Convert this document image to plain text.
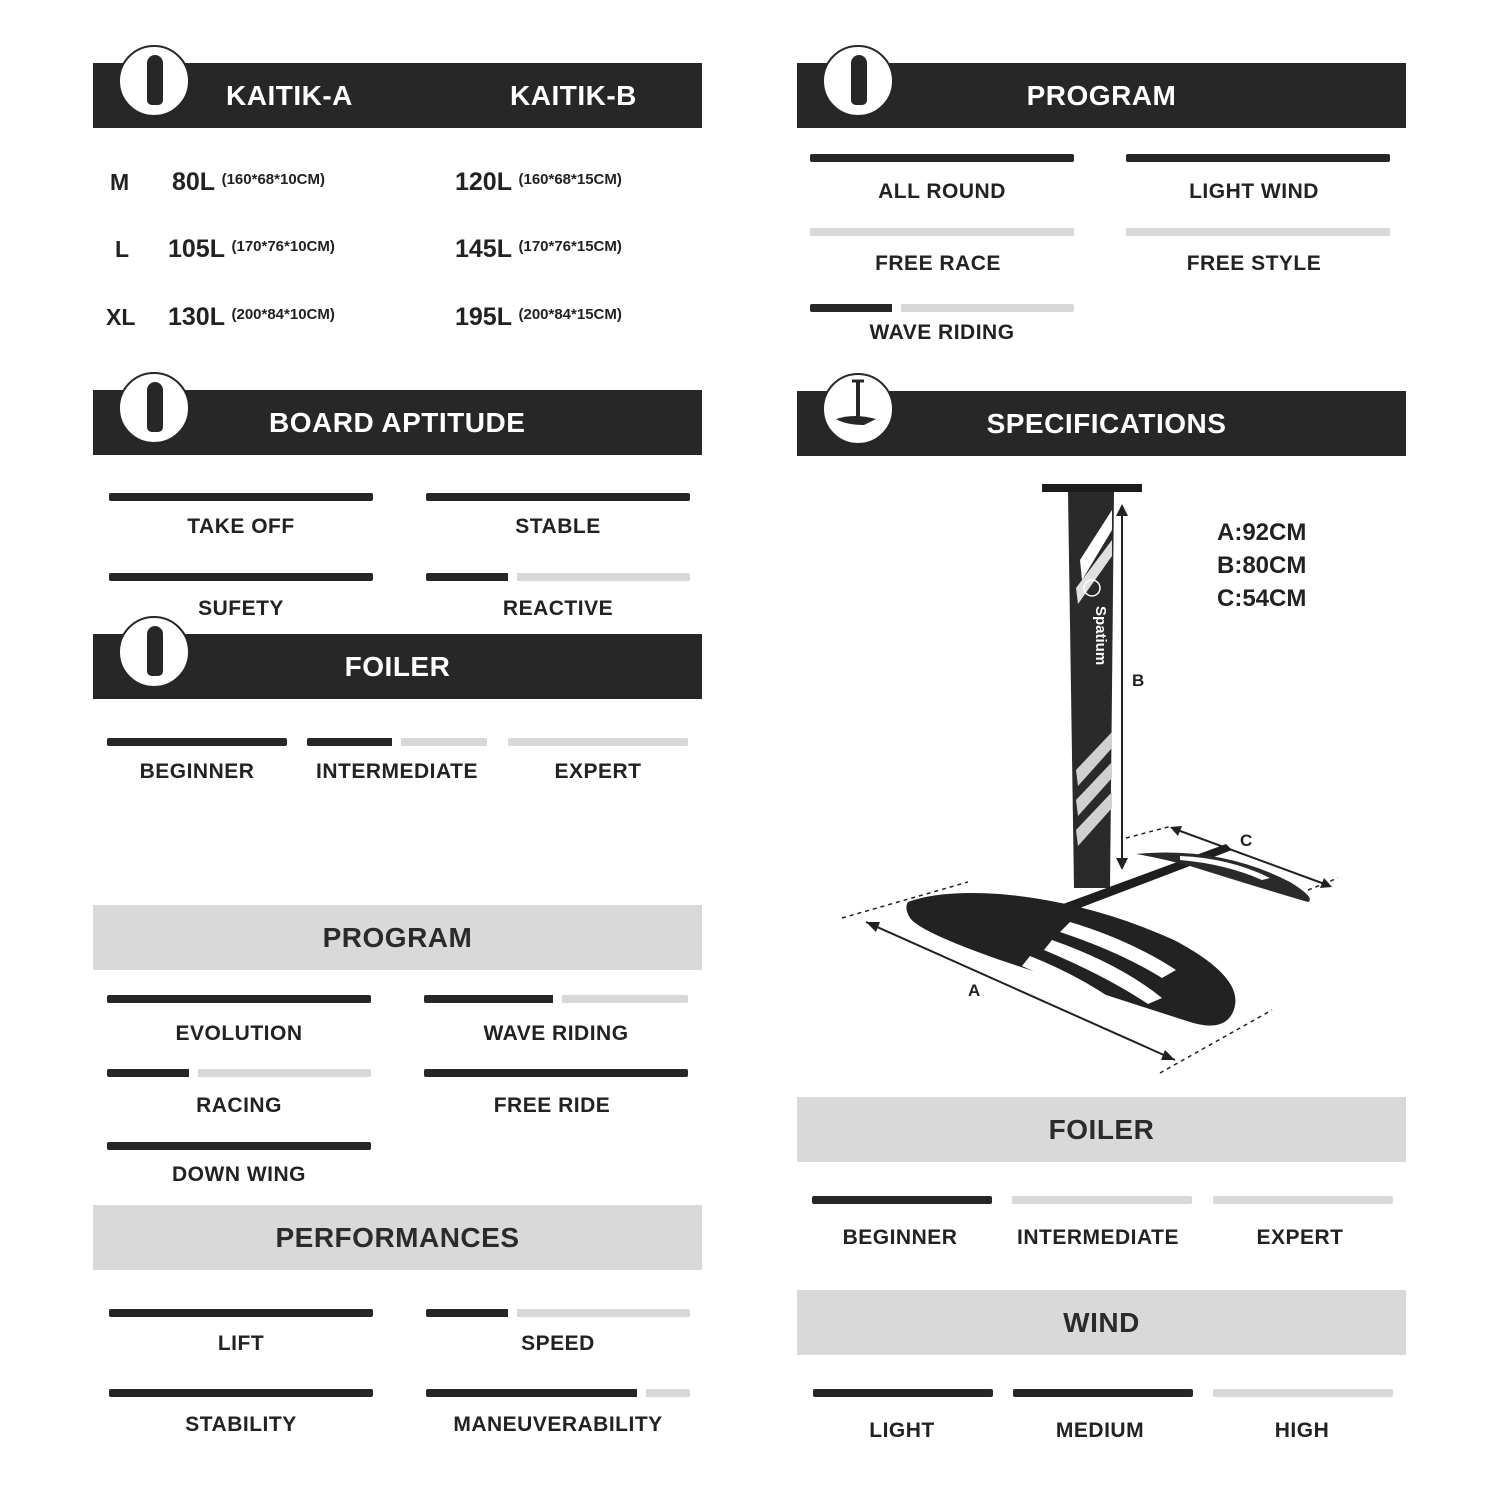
KAITIK-A	KAITIK-B
M 80L $^{(160*68*10CM)}$	120L $^{(160*68*15CM)}$
L 105L $^{(170*76*10CM)}$	145L $^{(170*76*15CM)}$
XL 130L $^{(200*84*10CM)}$	195L $^{(200*84*15CM)}$
BOARD APTITUDE
TAKE OFF	STABLE
SUFETY	REACTIVE
FOILER
BEGINNER	INTERMEDIATE	EXPERT
PROGRAM
EVOLUTION	WAVE RIDING
RACING	FREE RIDE
DOWN WING
PERFORMANCES
LIFT	SPEED
STABILITY	MANEUVERABILITY
PROGRAM
ALL ROUND	LIGHT WIND
FREE RACE	FREE STYLE
WAVE RIDING
SPECIFICATIONS
A:92CM
B:80CM
C:54CM
Spatium
A
B
C
FOILER
BEGINNER	INTERMEDIATE	EXPERT
WIND
LIGHT	MEDIUM	HIGH
